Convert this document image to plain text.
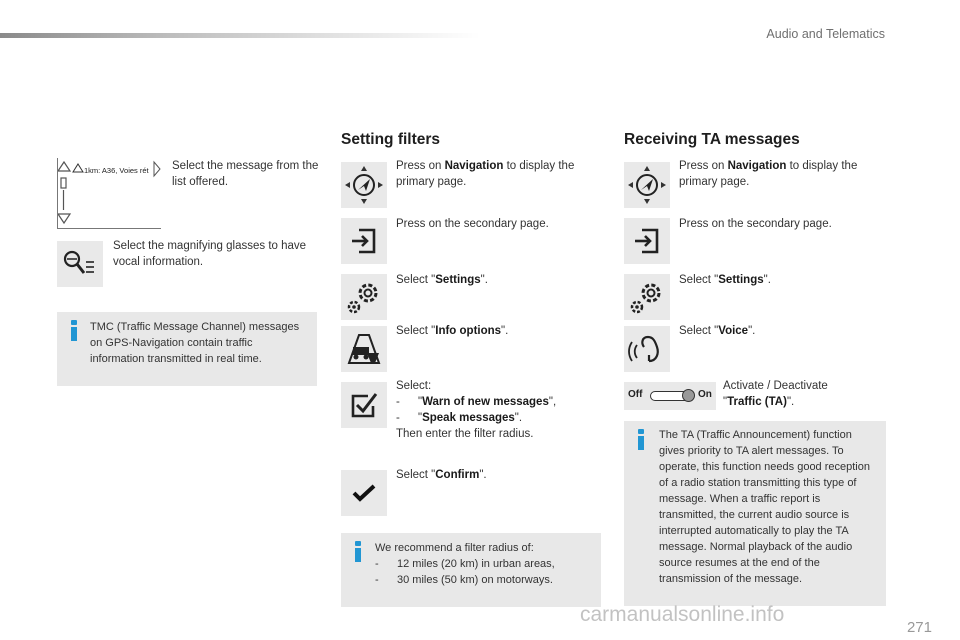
Audio and Telematics
1km: A36, Voies rét Select the message from the list offered.
Select the magnifying glasses to have vocal information.
TMC (Traffic Message Channel) messages on GPS-Navigation contain traffic information transmitted in real time.
Setting filters
Press on Navigation to display the primary page.
Press on the secondary page.
Select "Settings".
Select "Info options".
Select:
- "Warn of new messages",
- "Speak messages".
Then enter the filter radius.
Select "Confirm".
We recommend a filter radius of:
- 12 miles (20 km) in urban areas,
- 30 miles (50 km) on motorways.
Receiving TA messages
Press on Navigation to display the primary page.
Press on the secondary page.
Select "Settings".
Select "Voice".
Off	On
Activate / Deactivate
"Traffic (TA)".
The TA (Traffic Announcement) function gives priority to TA alert messages. To operate, this function needs good reception of a radio station transmitting this type of message. When a traffic report is transmitted, the current audio source is interrupted automatically to play the TA message. Normal playback of the audio source resumes at the end of the transmission of the message.
carmanualsonline.info
271
